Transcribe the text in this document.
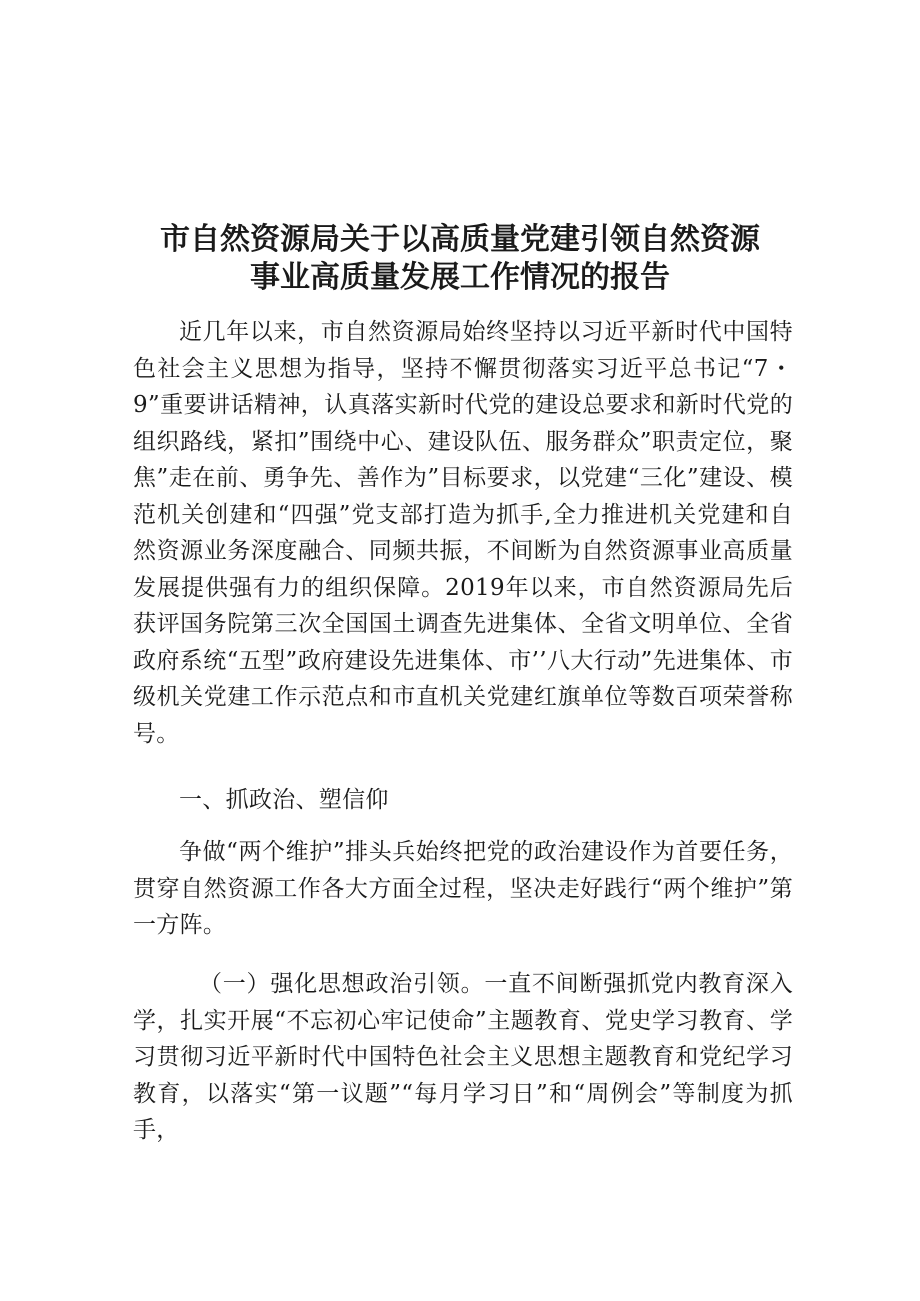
市自然资源局关于以高质量党建引领自然资源
事业高质量发展工作情况的报告

近几年以来，市自然资源局始终坚持以习近平新时代中国特色社会主义思想为指导，坚持不懈贯彻落实习近平总书记“7・9”重要讲话精神，认真落实新时代党的建设总要求和新时代党的组织路线，紧扣”围绕中心、建设队伍、服务群众”职责定位，聚焦”走在前、勇争先、善作为”目标要求，以党建“三化”建设、模范机关创建和“四强”党支部打造为抓手,全力推进机关党建和自然资源业务深度融合、同频共振，不间断为自然资源事业高质量发展提供强有力的组织保障。2019年以来，市自然资源局先后获评国务院第三次全国国土调查先进集体、全省文明单位、全省政府系统“五型”政府建设先进集体、市’’八大行动”先进集体、市级机关党建工作示范点和市直机关党建红旗单位等数百项荣誉称号。

一、抓政治、塑信仰

争做“两个维护”排头兵始终把党的政治建设作为首要任务，贯穿自然资源工作各大方面全过程，坚决走好践行“两个维护”第一方阵。

（一）强化思想政治引领。一直不间断强抓党内教育深入学，扎实开展“不忘初心牢记使命”主题教育、党史学习教育、学习贯彻习近平新时代中国特色社会主义思想主题教育和党纪学习教育，以落实“第一议题”“每月学习日”和“周例会”等制度为抓手，
